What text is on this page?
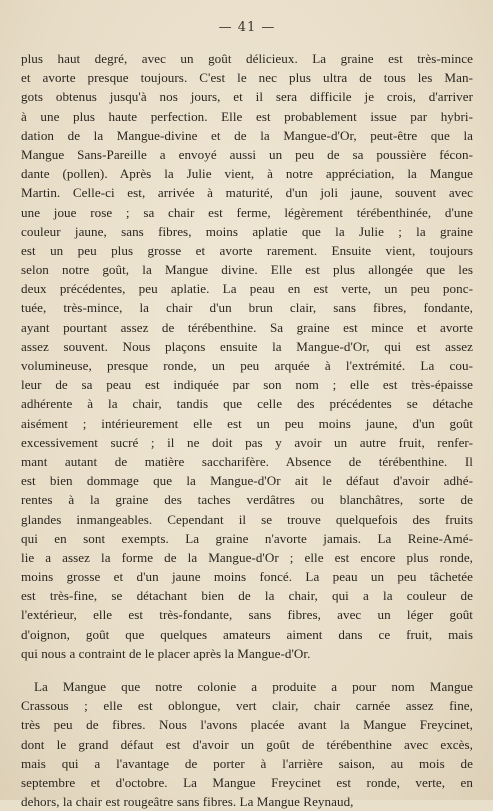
— 41 —
plus haut degré, avec un goût délicieux. La graine est très-mince
et avorte presque toujours. C'est le nec plus ultra de tous les Man-
gots obtenus jusqu'à nos jours, et il sera difficile je crois, d'arriver
à une plus haute perfection. Elle est probablement issue par hybri-
dation de la Mangue-divine et de la Mangue-d'Or, peut-être que la
Mangue Sans-Pareille a envoyé aussi un peu de sa poussière fécon-
dante (pollen). Après la Julie vient, à notre appréciation, la Mangue
Martin. Celle-ci est, arrivée à maturité, d'un joli jaune, souvent avec
une joue rose ; sa chair est ferme, légèrement térébenthinée, d'une
couleur jaune, sans fibres, moins aplatie que la Julie ; la graine
est un peu plus grosse et avorte rarement. Ensuite vient, toujours
selon notre goût, la Mangue divine. Elle est plus allongée que les
deux précédentes, peu aplatie. La peau en est verte, un peu ponc-
tuée, très-mince, la chair d'un brun clair, sans fibres, fondante,
ayant pourtant assez de térébenthine. Sa graine est mince et avorte
assez souvent. Nous plaçons ensuite la Mangue-d'Or, qui est assez
volumineuse, presque ronde, un peu arquée à l'extrémité. La cou-
leur de sa peau est indiquée par son nom ; elle est très-épaisse
adhérente à la chair, tandis que celle des précédentes se détache
aisément ; intérieurement elle est un peu moins jaune, d'un goût
excessivement sucré ; il ne doit pas y avoir un autre fruit, renfer-
mant autant de matière saccharifère. Absence de térébenthine. Il
est bien dommage que la Mangue-d'Or ait le défaut d'avoir adhé-
rentes à la graine des taches verdâtres ou blanchâtres, sorte de
glandes inmangeables. Cependant il se trouve quelquefois des fruits
qui en sont exempts. La graine n'avorte jamais. La Reine-Amé-
lie a assez la forme de la Mangue-d'Or ; elle est encore plus ronde,
moins grosse et d'un jaune moins foncé. La peau un peu tâchetée
est très-fine, se détachant bien de la chair, qui a la couleur de
l'extérieur, elle est très-fondante, sans fibres, avec un léger goût
d'oignon, goût que quelques amateurs aiment dans ce fruit, mais
qui nous a contraint de le placer après la Mangue-d'Or.
La Mangue que notre colonie a produite a pour nom Mangue
Crassous ; elle est oblongue, vert clair, chair carnée assez fine,
très peu de fibres. Nous l'avons placée avant la Mangue Freycinet,
dont le grand défaut est d'avoir un goût de térébenthine avec excès,
mais qui a l'avantage de porter à l'arrière saison, au mois de
septembre et d'octobre. La Mangue Freycinet est ronde, verte, en
dehors, la chair est rougeâtre sans fibres. La Mangue Reynaud,
